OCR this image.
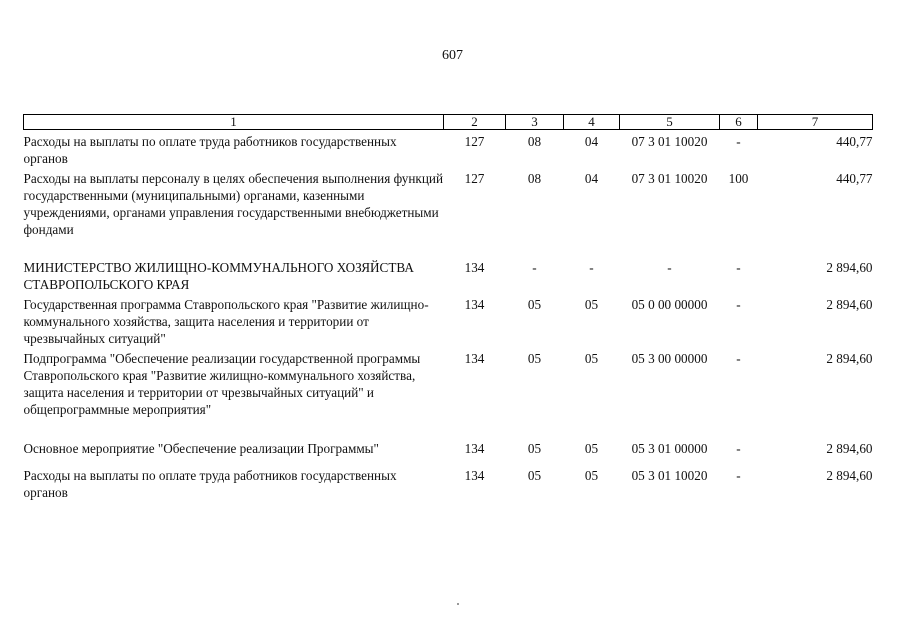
607
1	2	3	4	5	6	7
Расходы на выплаты по оплате труда работников государственных органов	127	08	04	07 3 01 10020	-	440,77
Расходы на выплаты персоналу в целях обеспечения выполнения функций государственными (муниципальными) органами, казенными учреждениями, органами управления государственными внебюджетными фондами	127	08	04	07 3 01 10020	100	440,77
МИНИСТЕРСТВО ЖИЛИЩНО-КОММУНАЛЬНОГО ХОЗЯЙСТВА СТАВРОПОЛЬСКОГО КРАЯ	134	-	-	-	-	2 894,60
Государственная программа Ставропольского края "Развитие жилищно-коммунального хозяйства, защита населения и территории от чрезвычайных ситуаций"	134	05	05	05 0 00 00000	-	2 894,60
Подпрограмма "Обеспечение реализации государственной программы Ставропольского края "Развитие жилищно-коммунального хозяйства, защита населения и территории от чрезвычайных ситуаций" и общепрограммные мероприятия"	134	05	05	05 3 00 00000	-	2 894,60
Основное мероприятие "Обеспечение реализации Программы"	134	05	05	05 3 01 00000	-	2 894,60
Расходы на выплаты по оплате труда работников государственных органов	134	05	05	05 3 01 10020	-	2 894,60
